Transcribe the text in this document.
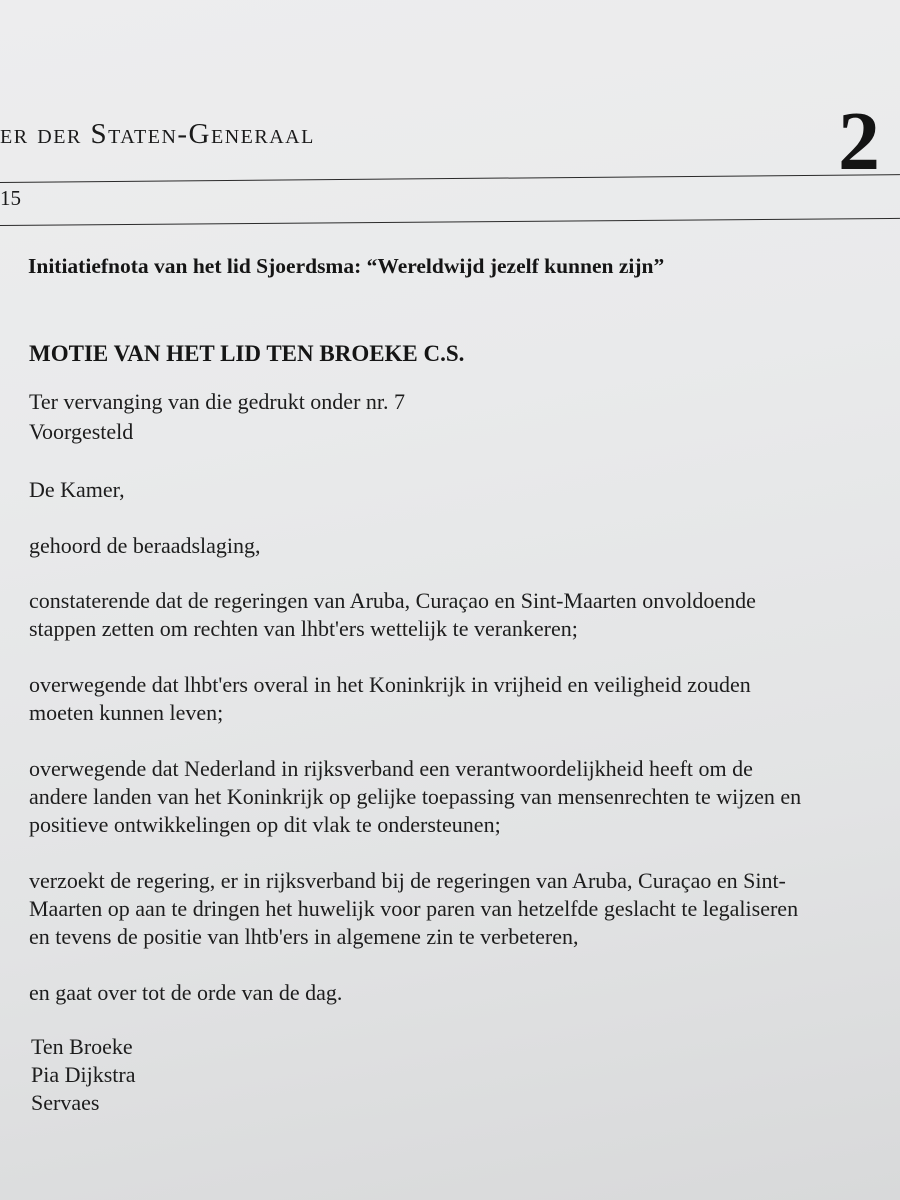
er der Staten-Generaal	2
15
Initiatiefnota van het lid Sjoerdsma: “Wereldwijd jezelf kunnen zijn”
MOTIE VAN HET LID TEN BROEKE C.S.
Ter vervanging van die gedrukt onder nr. 7
Voorgesteld
De Kamer,
gehoord de beraadslaging,
constaterende dat de regeringen van Aruba, Curaçao en Sint-Maarten onvoldoende
stappen zetten om rechten van lhbt'ers wettelijk te verankeren;
overwegende dat lhbt'ers overal in het Koninkrijk in vrijheid en veiligheid zouden
moeten kunnen leven;
overwegende dat Nederland in rijksverband een verantwoordelijkheid heeft om de
andere landen van het Koninkrijk op gelijke toepassing van mensenrechten te wijzen en
positieve ontwikkelingen op dit vlak te ondersteunen;
verzoekt de regering, er in rijksverband bij de regeringen van Aruba, Curaçao en Sint-
Maarten op aan te dringen het huwelijk voor paren van hetzelfde geslacht te legaliseren
en tevens de positie van lhtb'ers in algemene zin te verbeteren,
en gaat over tot de orde van de dag.
Ten Broeke
Pia Dijkstra
Servaes
